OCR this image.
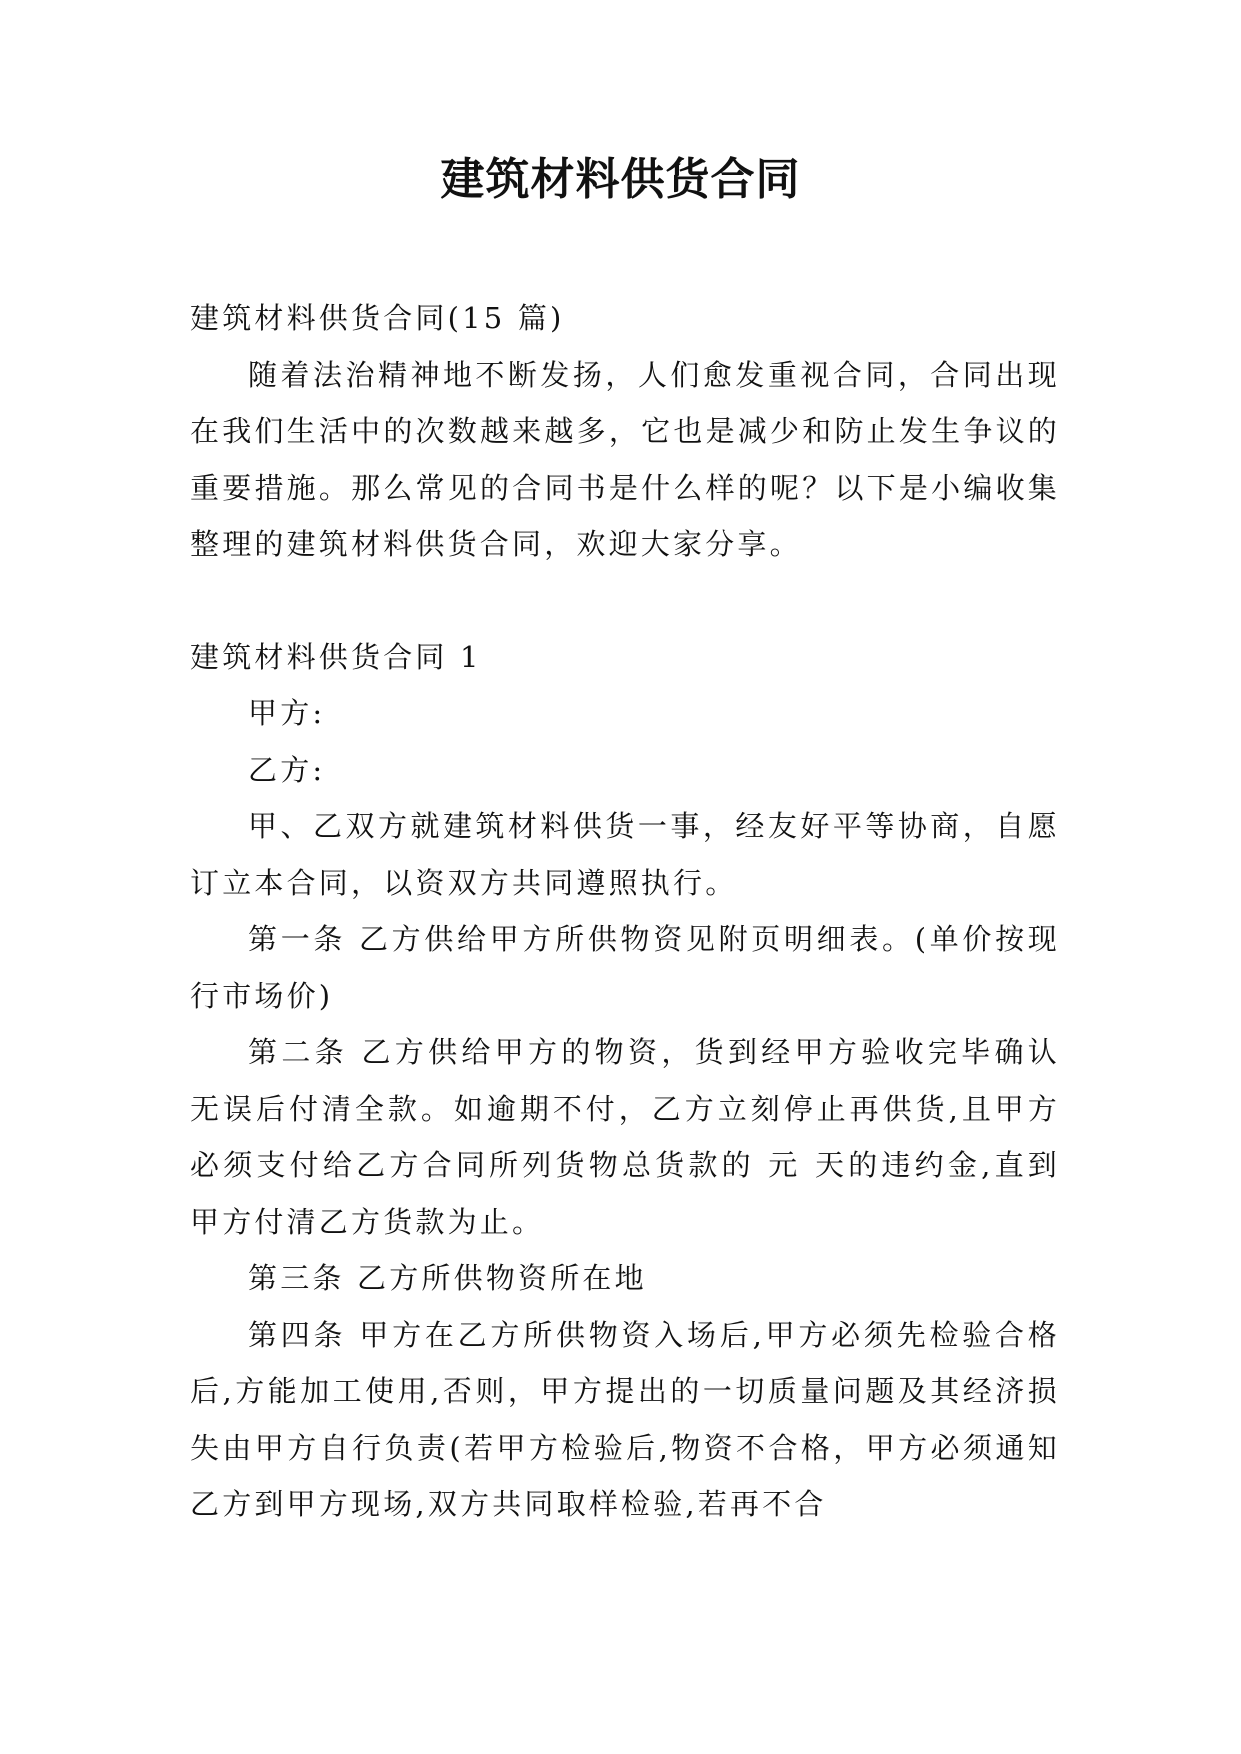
建筑材料供货合同

建筑材料供货合同(15 篇)

随着法治精神地不断发扬，人们愈发重视合同，合同出现在我们生活中的次数越来越多，它也是减少和防止发生争议的重要措施。那么常见的合同书是什么样的呢？以下是小编收集整理的建筑材料供货合同，欢迎大家分享。

建筑材料供货合同 1

甲方:

乙方:

甲、乙双方就建筑材料供货一事，经友好平等协商，自愿订立本合同，以资双方共同遵照执行。

第一条 乙方供给甲方所供物资见附页明细表。(单价按现行市场价)

第二条 乙方供给甲方的物资，货到经甲方验收完毕确认无误后付清全款。如逾期不付，乙方立刻停止再供货,且甲方必须支付给乙方合同所列货物总货款的 元 天的违约金,直到甲方付清乙方货款为止。

第三条 乙方所供物资所在地

第四条 甲方在乙方所供物资入场后,甲方必须先检验合格后,方能加工使用,否则，甲方提出的一切质量问题及其经济损失由甲方自行负责(若甲方检验后,物资不合格，甲方必须通知乙方到甲方现场,双方共同取样检验,若再不合
